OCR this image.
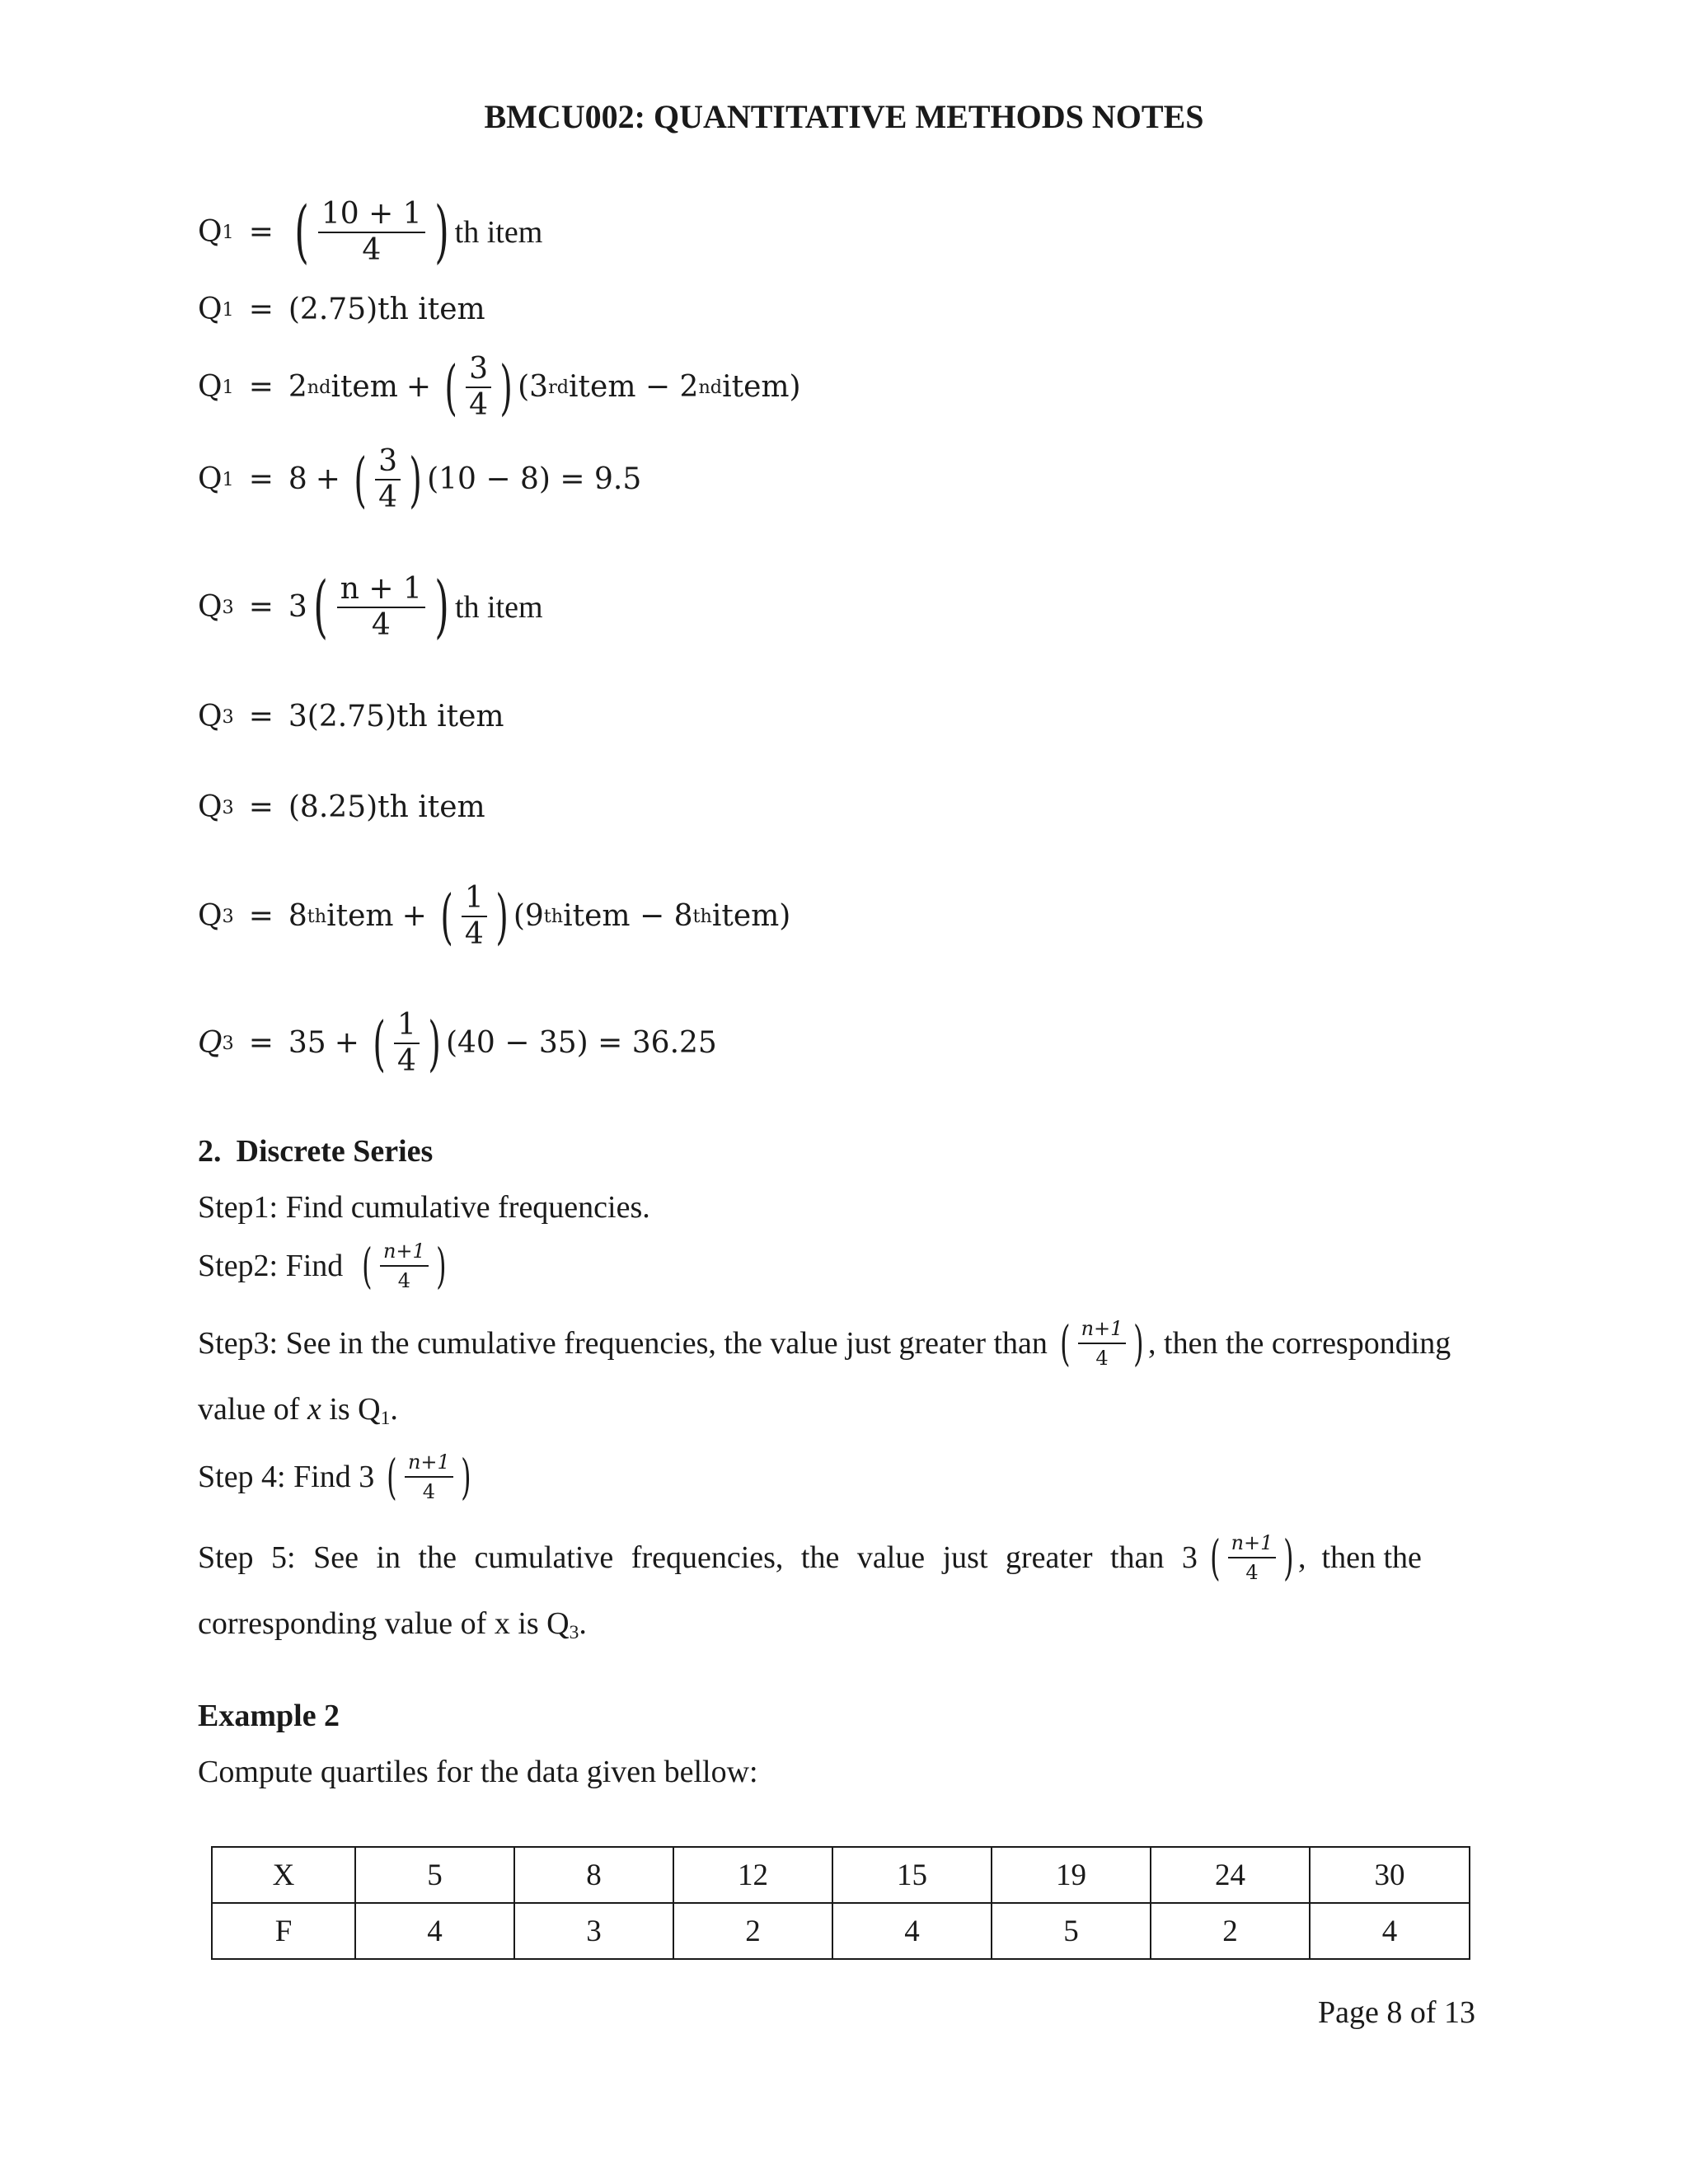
BMCU002: QUANTITATIVE METHODS NOTES
Q 1 = ( $\frac{10 + 1}{4}$ ) th item
Q 1 = (2.75)th item
Q 1 = 2 nd item + ( $\frac{3}{4}$ ) (3 rd item − 2 nd item)
Q 1 = 8 + ( $\frac{3}{4}$ ) (10 − 8) = 9.5
Q 3 = 3 ( $\frac{n + 1}{4}$ ) th item
Q 3 = 3(2.75)th item
Q 3 = (8.25)th item
Q 3 = 8 th item + ( $\frac{1}{4}$ ) (9 th item − 8 th item)
Q 3 = 35 + ( $\frac{1}{4}$ ) (40 − 35) = 36.25
2. Discrete Series
Step1: Find cumulative frequencies.
Step2: Find ( $\frac{n+1}{4}$ )
Step3: See in the cumulative frequencies, the value just greater than ( $\frac{n+1}{4}$ ) , then the corresponding
value of x is $Q_1$.
Step 4: Find 3 ( $\frac{n+1}{4}$ )
Step 5: See in the cumulative frequencies, the value just greater than 3 ( $\frac{n+1}{4}$ ) ,  then the
corresponding value of x is $Q_3$.
Example 2
Compute quartiles for the data given bellow:
X	5	8	12	15	19	24	30
F	4	3	2	4	5	2	4
Page 8 of 13
